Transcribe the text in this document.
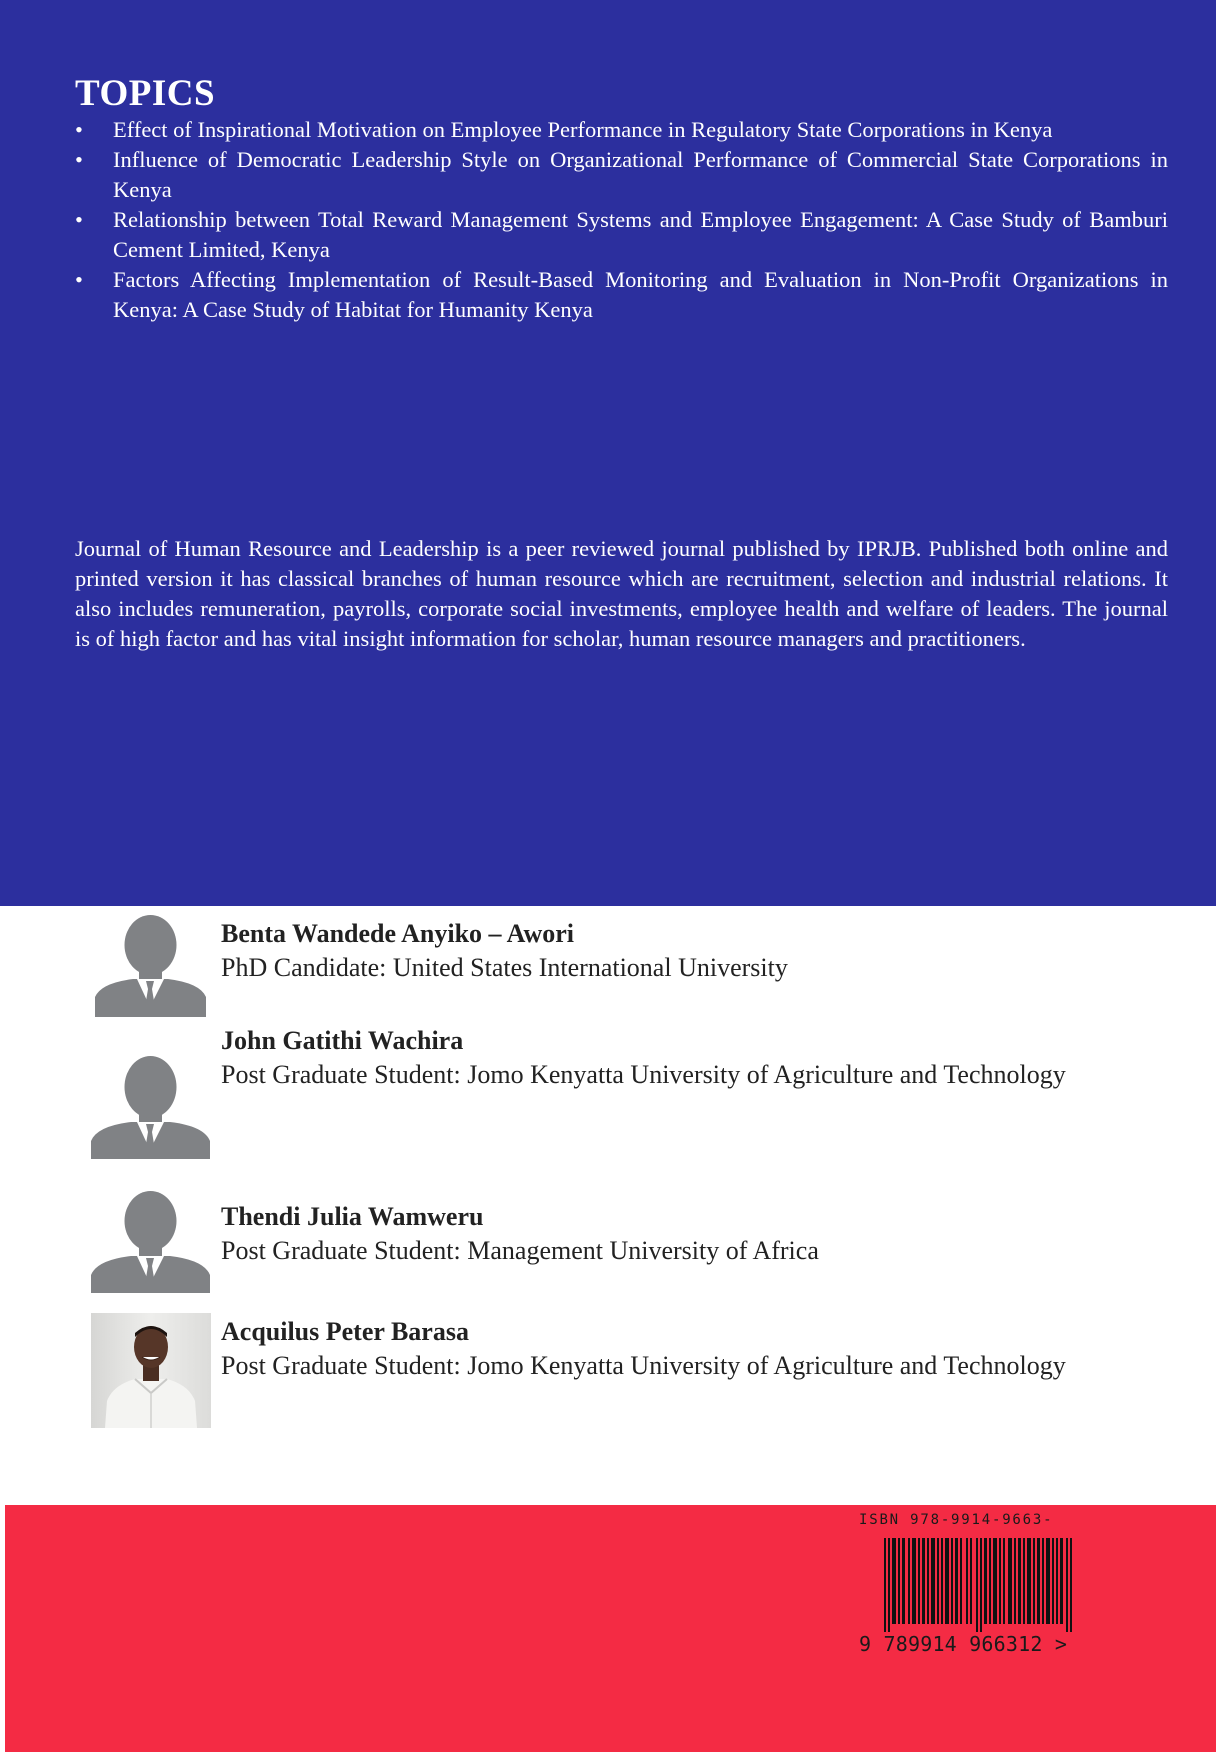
TOPICS
•	Effect of Inspirational Motivation on Employee Performance in Regulatory State Corporations in Kenya
•	Influence of Democratic Leadership Style on Organizational Performance of Commercial State Corporations in Kenya
•	Relationship between Total Reward Management Systems and Employee Engagement: A Case Study of Bamburi Cement Limited, Kenya
•	Factors Affecting Implementation of Result-Based Monitoring and Evaluation in Non-Profit Organizations in Kenya: A Case Study of Habitat for Humanity Kenya

Journal of Human Resource and Leadership is a peer reviewed journal published by IPRJB. Published both online and printed version it has classical branches of human resource which are recruitment, selection and industrial relations. It also includes remuneration, payrolls, corporate social investments, employee health and welfare of leaders. The journal is of high factor and has vital insight information for scholar, human resource managers and practitioners.

Benta Wandede Anyiko – Awori
PhD Candidate: United States International University
John Gatithi Wachira
Post Graduate Student: Jomo Kenyatta University of Agriculture and Technology
Thendi Julia Wamweru
Post Graduate Student: Management University of Africa
Acquilus Peter Barasa
Post Graduate Student: Jomo Kenyatta University of Agriculture and Technology
ISBN 978-9914-9663-
9 789914 966312 >
